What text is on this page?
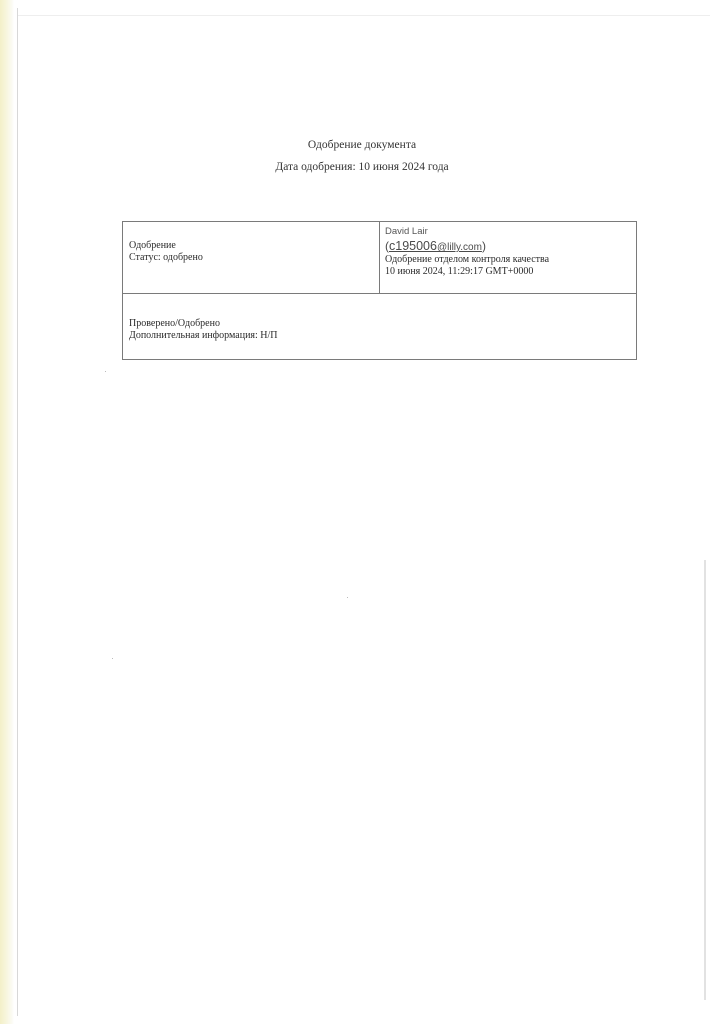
Одобрение документа
Дата одобрения: 10 июня 2024 года
Одобрение
Статус: одобрено
David Lair
(c195006@lilly.com)
Одобрение отделом контроля качества
10 июня 2024, 11:29:17 GMT+0000
Проверено/Одобрено
Дополнительная информация: Н/П
